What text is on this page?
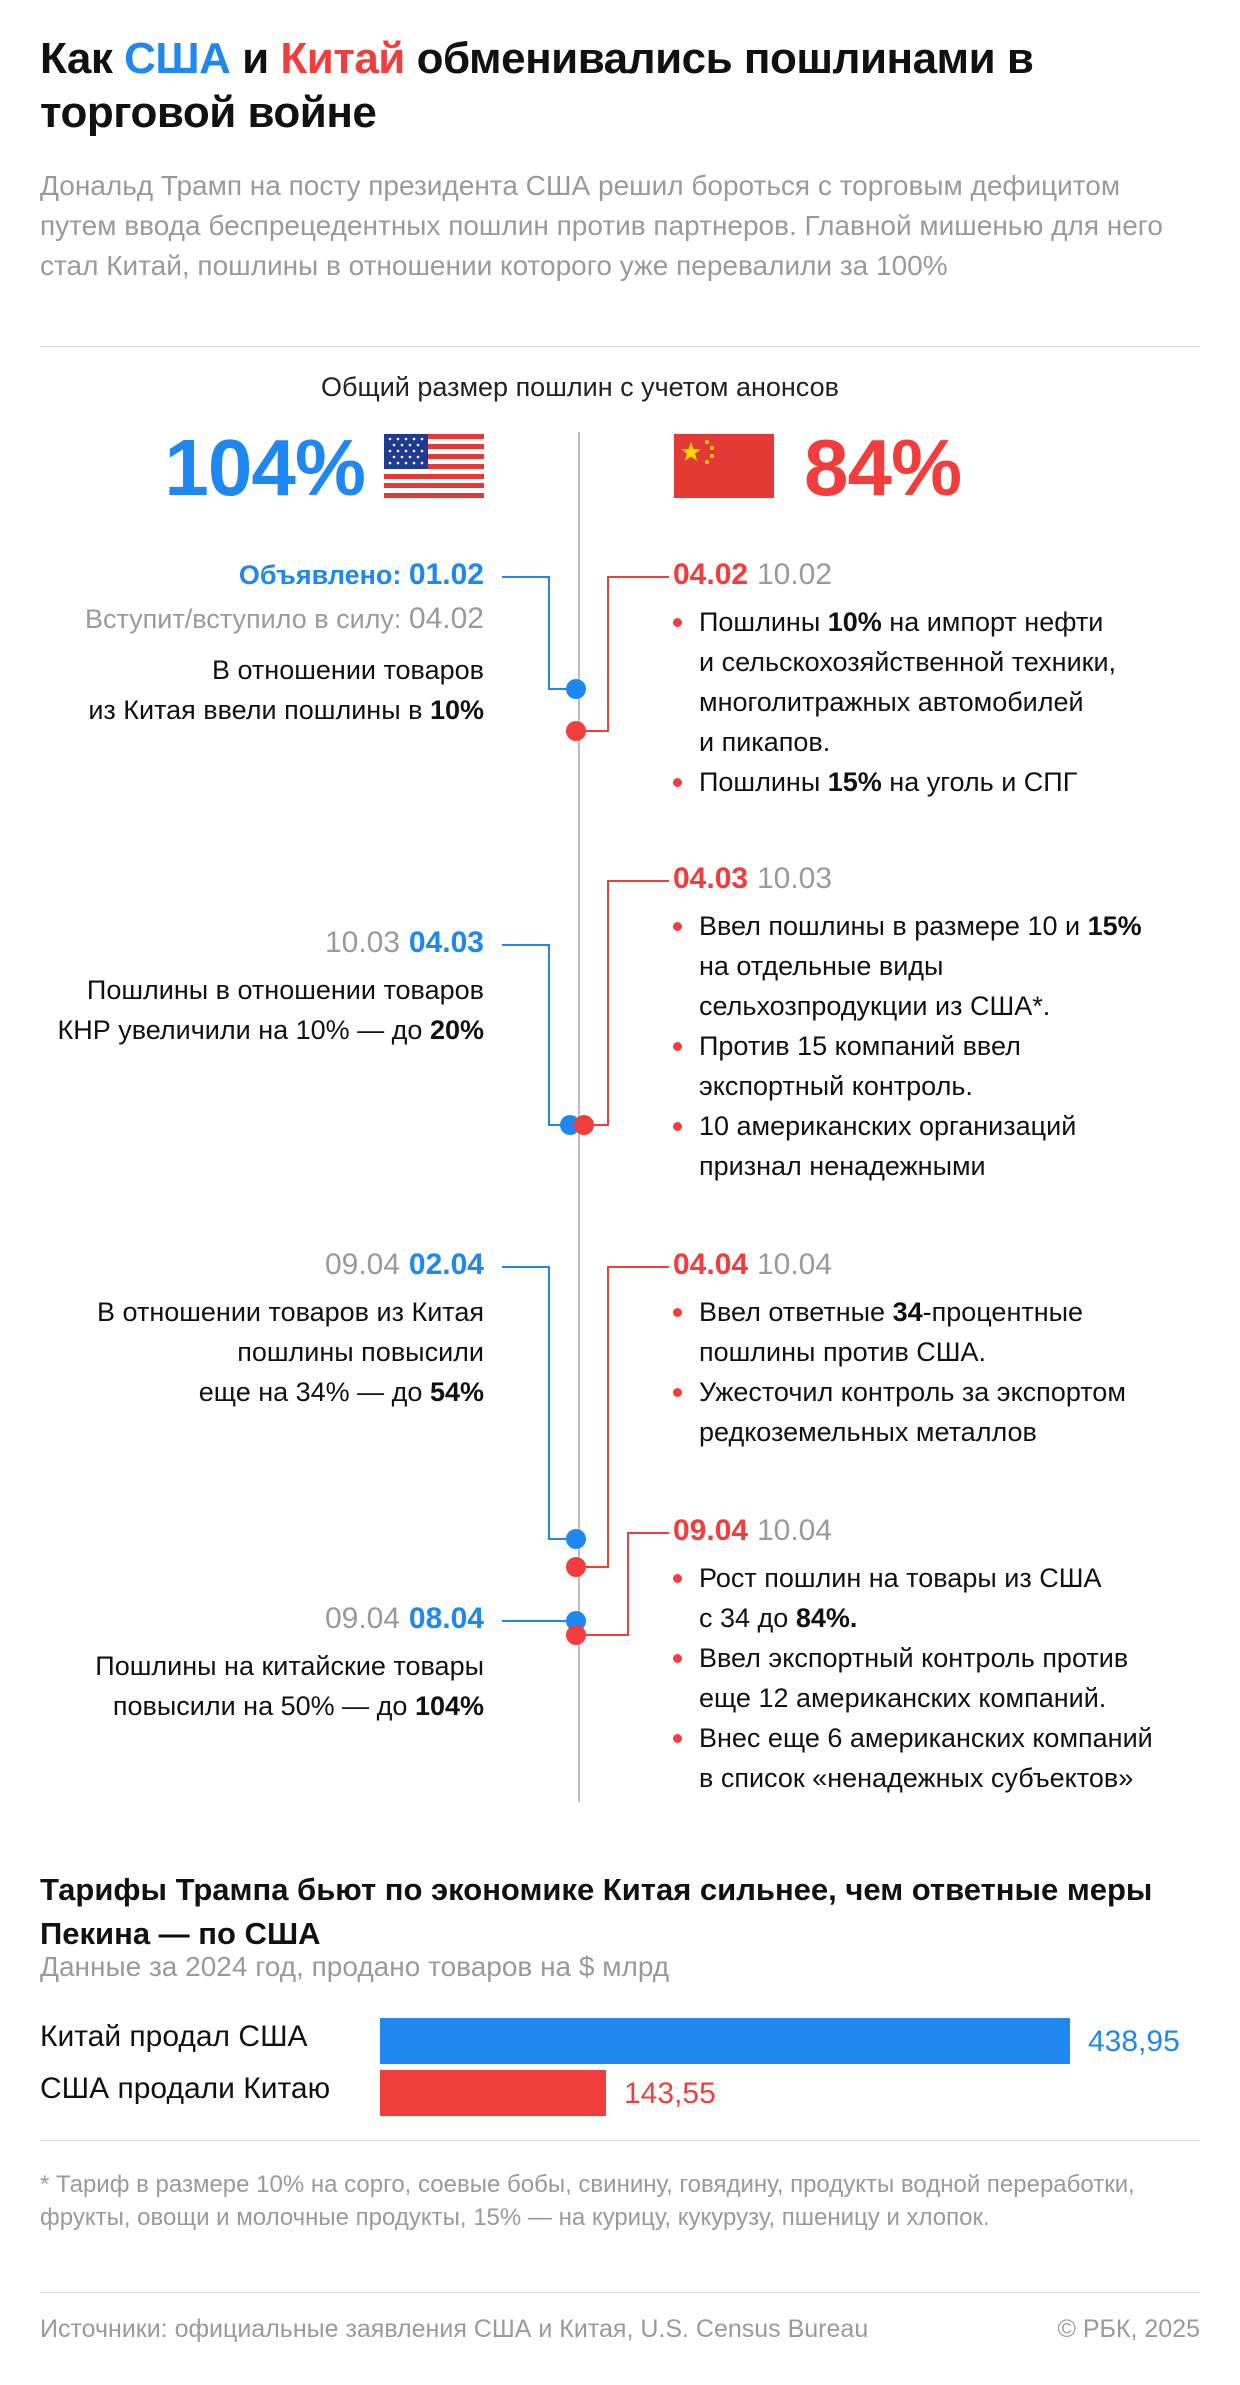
Как США и Китай обменивались пошлинами в торговой войне
Дональд Трамп на посту президента США решил бороться с торговым дефицитом путем ввода беспрецедентных пошлин против партнеров. Главной мишенью для него стал Китай, пошлины в отношении которого уже перевалили за 100%
Общий размер пошлин с учетом анонсов
104%	84%
Объявлено: 01.02
Вступит/вступило в силу: 04.02
В отношении товаров
из Китая ввели пошлины в 10%
10.03 04.03
Пошлины в отношении товаров
КНР увеличили на 10% — до 20%
09.04 02.04
В отношении товаров из Китая
пошлины повысили
еще на 34% — до 54%
09.04 08.04
Пошлины на китайские товары
повысили на 50% — до 104%
04.02 10.02
Пошлины 10% на импорт нефти
и сельскохозяйственной техники,
многолитражных автомобилей
и пикапов.
Пошлины 15% на уголь и СПГ
04.03 10.03
Ввел пошлины в размере 10 и 15%
на отдельные виды
сельхозпродукции из США*.
Против 15 компаний ввел
экспортный контроль.
10 американских организаций
признал ненадежными
04.04 10.04
Ввел ответные 34-процентные
пошлины против США.
Ужесточил контроль за экспортом
редкоземельных металлов
09.04 10.04
Рост пошлин на товары из США
с 34 до 84%.
Ввел экспортный контроль против
еще 12 американских компаний.
Внес еще 6 американских компаний
в список «ненадежных субъектов»
Тарифы Трампа бьют по экономике Китая сильнее, чем ответные меры Пекина — по США
Данные за 2024 год, продано товаров на $ млрд
Китай продал США
США продали Китаю
438,95
143,55
* Тариф в размере 10% на сорго, соевые бобы, свинину, говядину, продукты водной переработки, фрукты, овощи и молочные продукты, 15% — на курицу, кукурузу, пшеницу и хлопок.
Источники: официальные заявления США и Китая, U.S. Census Bureau	© РБК, 2025
